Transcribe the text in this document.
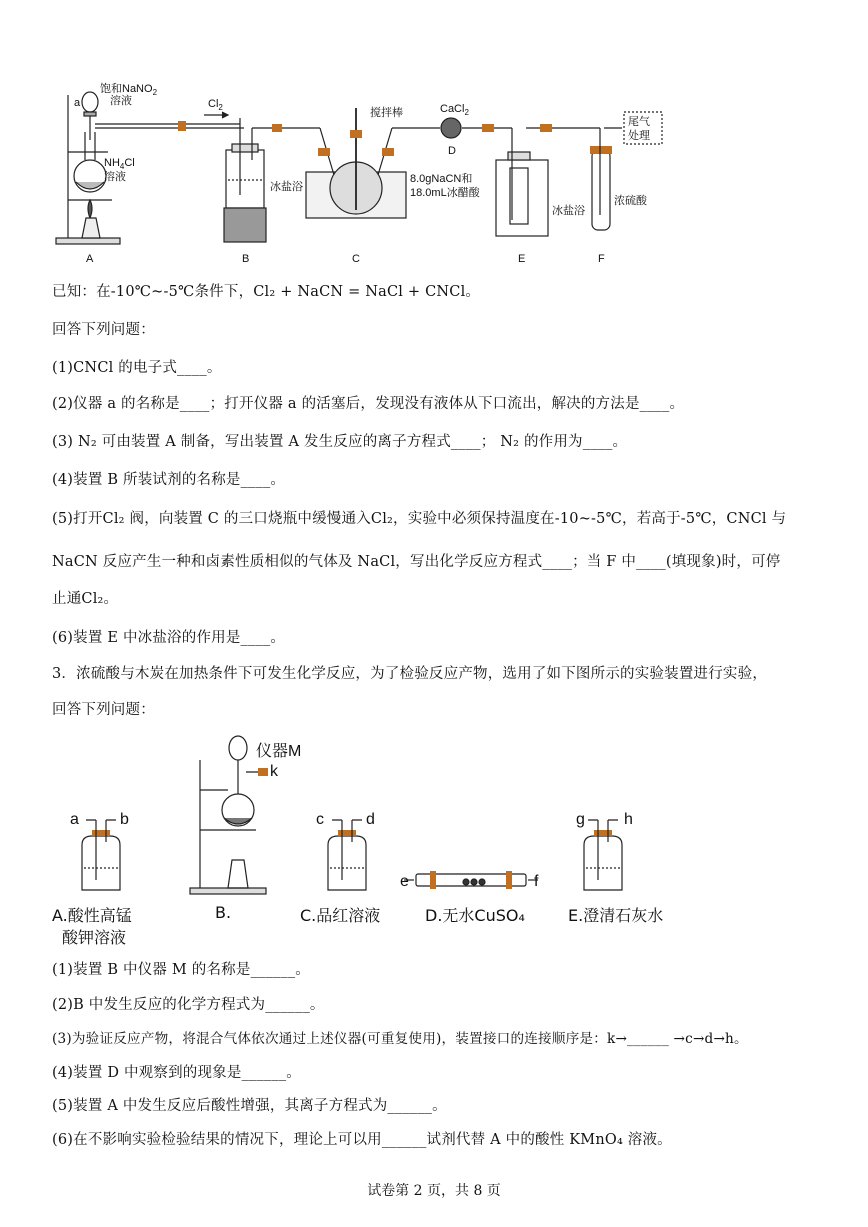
a
饱和NaNO$_2$
溶液
$NH_4Cl$
溶液
$Cl_2$	搅拌棒	CaCl$_2$
尾气
处理
冰盐浴
8.0gNaCN和
18.0mL冰醋酸
冰盐浴
浓硫酸
A	B	C
D
E	F
已知：在-10℃~-5℃条件下，Cl₂ + NaCN = NaCl + CNCl。
回答下列问题：
(1)CNCl 的电子式____。
(2)仪器 a 的名称是____；打开仪器 a 的活塞后，发现没有液体从下口流出，解决的方法是____。
(3) N₂ 可由装置 A 制备，写出装置 A 发生反应的离子方程式____； N₂ 的作用为____。
(4)装置 B 所装试剂的名称是____。
(5)打开Cl₂ 阀，向装置 C 的三口烧瓶中缓慢通入Cl₂，实验中必须保持温度在-10~-5℃，若高于-5℃，CNCl 与
NaCN 反应产生一种和卤素性质相似的气体及 NaCl，写出化学反应方程式____；当 F 中____(填现象)时，可停
止通Cl₂。
(6)装置 E 中冰盐浴的作用是____。
3．浓硫酸与木炭在加热条件下可发生化学反应，为了检验反应产物，选用了如下图所示的实验装置进行实验，
回答下列问题：
a	b	c	d
e	f
g h
k
仪器M
A.酸性高锰
酸钾溶液
B.	C.品红溶液	D.无水CuSO₄	E.澄清石灰水
(1)装置 B 中仪器 M 的名称是______。
(2)B 中发生反应的化学方程式为______。
(3)为验证反应产物，将混合气体依次通过上述仪器(可重复使用)，装置接口的连接顺序是：k→______ →c→d→h。
(4)装置 D 中观察到的现象是______。
(5)装置 A 中发生反应后酸性增强，其离子方程式为______。
(6)在不影响实验检验结果的情况下，理论上可以用______试剂代替 A 中的酸性 KMnO₄ 溶液。
试卷第 2 页，共 8 页
